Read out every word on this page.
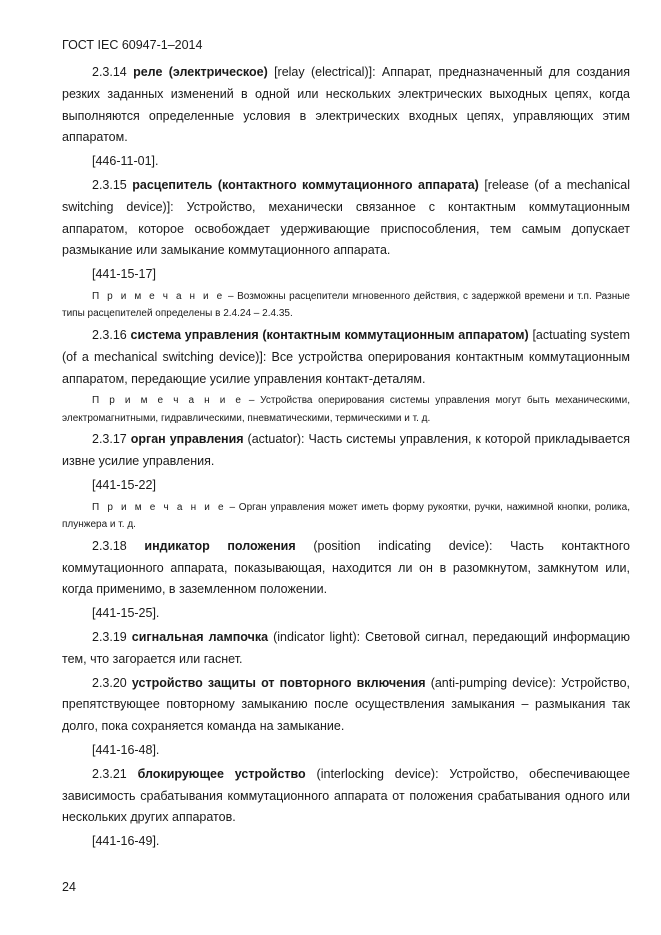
ГОСТ IEC 60947-1–2014

2.3.14 реле (электрическое) [relay (electrical)]: Аппарат, предназначенный для создания резких заданных изменений в одной или нескольких электрических выходных цепях, когда выполняются определенные условия в электрических входных цепях, управляющих этим аппаратом.

[446-11-01].

2.3.15 расцепитель (контактного коммутационного аппарата) [release (of a mechanical switching device)]: Устройство, механически связанное с контактным коммутационным аппаратом, которое освобождает удерживающие приспособления, тем самым допускает размыкание или замыкание коммутационного аппарата.

[441-15-17]

П р и м е ч а н и е – Возможны расцепители мгновенного действия, с задержкой времени и т.п. Разные типы расцепителей определены в 2.4.24 – 2.4.35.

2.3.16 система управления (контактным коммутационным аппаратом) [actuating system (of a mechanical switching device)]: Все устройства оперирования контактным коммутационным аппаратом, передающие усилие управления контакт-деталям.

П р и м е ч а н и е – Устройства оперирования системы управления могут быть механическими, электромагнитными, гидравлическими, пневматическими, термическими и т. д.

2.3.17 орган управления (actuator): Часть системы управления, к которой прикладывается извне усилие управления.

[441-15-22]

П р и м е ч а н и е – Орган управления может иметь форму рукоятки, ручки, нажимной кнопки, ролика, плунжера и т. д.

2.3.18 индикатор положения (position indicating device): Часть контактного коммутационного аппарата, показывающая, находится ли он в разомкнутом, замкнутом или, когда применимо, в заземленном положении.

[441-15-25].

2.3.19 сигнальная лампочка (indicator light): Световой сигнал, передающий информацию тем, что загорается или гаснет.

2.3.20 устройство защиты от повторного включения (anti-pumping device): Устройство, препятствующее повторному замыканию после осуществления замыкания – размыкания так долго, пока сохраняется команда на замыкание.

[441-16-48].

2.3.21 блокирующее устройство (interlocking device): Устройство, обеспечивающее зависимость срабатывания коммутационного аппарата от положения срабатывания одного или нескольких других аппаратов.

[441-16-49].

24
